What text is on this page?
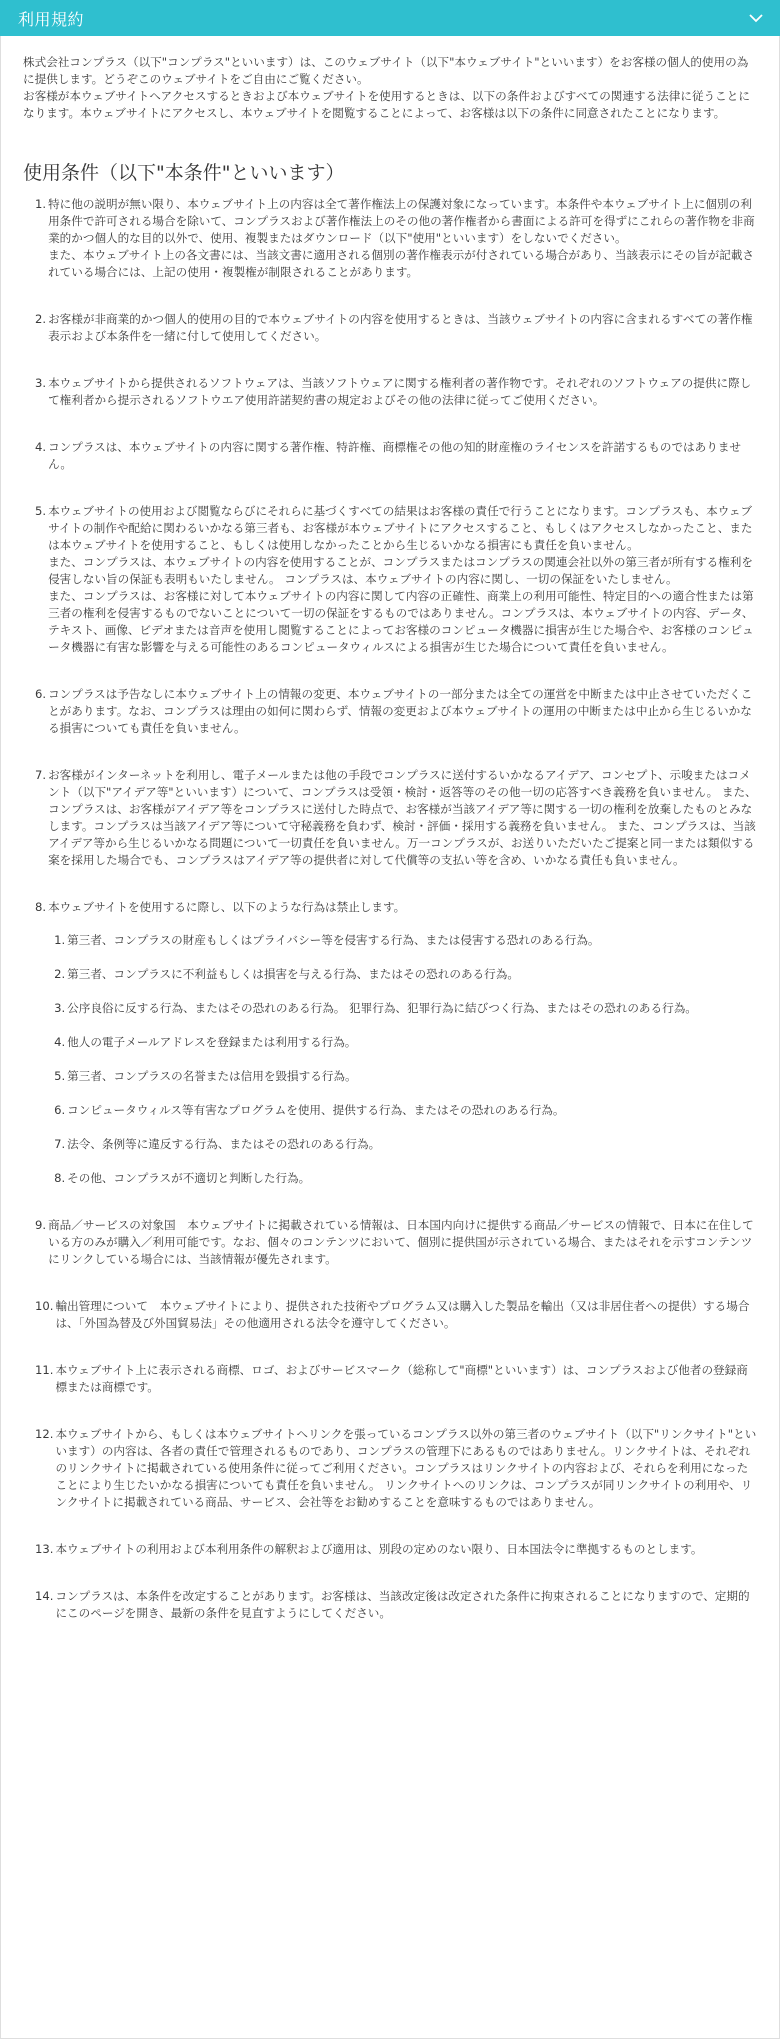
利用規約

株式会社コンプラス（以下"コンプラス"といいます）は、このウェブサイト（以下"本ウェブサイト"といいます）をお客様の個人的使用の為に提供します。どうぞこのウェブサイトをご自由にご覧ください。

お客様が本ウェブサイトへアクセスするときおよび本ウェブサイトを使用するときは、以下の条件およびすべての関連する法律に従うことになります。本ウェブサイトにアクセスし、本ウェブサイトを閲覧することによって、お客様は以下の条件に同意されたことになります。

使用条件（以下"本条件"といいます）
1. 特に他の説明が無い限り、本ウェブサイト上の内容は全て著作権法上の保護対象になっています。本条件や本ウェブサイト上に個別の利用条件で許可される場合を除いて、コンプラスおよび著作権法上のその他の著作権者から書面による許可を得ずにこれらの著作物を非商業的かつ個人的な目的以外で、使用、複製またはダウンロード（以下"使用"といいます）をしないでください。

また、本ウェブサイト上の各文書には、当該文書に適用される個別の著作権表示が付されている場合があり、当該表示にその旨が記載されている場合には、上記の使用・複製権が制限されることがあります。

2. お客様が非商業的かつ個人的使用の目的で本ウェブサイトの内容を使用するときは、当該ウェブサイトの内容に含まれるすべての著作権表示および本条件を一緒に付して使用してください。

3. 本ウェブサイトから提供されるソフトウェアは、当該ソフトウェアに関する権利者の著作物です。それぞれのソフトウェアの提供に際して権利者から提示されるソフトウエア使用許諾契約書の規定およびその他の法律に従ってご使用ください。

4. コンプラスは、本ウェブサイトの内容に関する著作権、特許権、商標権その他の知的財産権のライセンスを許諾するものではありません。

5. 本ウェブサイトの使用および閲覧ならびにそれらに基づくすべての結果はお客様の責任で行うことになります。コンプラスも、本ウェブサイトの制作や配給に関わるいかなる第三者も、お客様が本ウェブサイトにアクセスすること、もしくはアクセスしなかったこと、または本ウェブサイトを使用すること、もしくは使用しなかったことから生じるいかなる損害にも責任を負いません。

また、コンプラスは、本ウェブサイトの内容を使用することが、コンプラスまたはコンプラスの関連会社以外の第三者が所有する権利を侵害しない旨の保証も表明もいたしません。 コンプラスは、本ウェブサイトの内容に関し、一切の保証をいたしません。

また、コンプラスは、お客様に対して本ウェブサイトの内容に関して内容の正確性、商業上の利用可能性、特定目的への適合性または第三者の権利を侵害するものでないことについて一切の保証をするものではありません。コンプラスは、本ウェブサイトの内容、データ、テキスト、画像、ビデオまたは音声を使用し閲覧することによってお客様のコンピュータ機器に損害が生じた場合や、お客様のコンピュータ機器に有害な影響を与える可能性のあるコンピュータウィルスによる損害が生じた場合について責任を負いません。

6. コンプラスは予告なしに本ウェブサイト上の情報の変更、本ウェブサイトの一部分または全ての運営を中断または中止させていただくことがあります。なお、コンプラスは理由の如何に関わらず、情報の変更および本ウェブサイトの運用の中断または中止から生じるいかなる損害についても責任を負いません。

7. お客様がインターネットを利用し、電子メールまたは他の手段でコンプラスに送付するいかなるアイデア、コンセプト、示唆またはコメント（以下"アイデア等"といいます）について、コンプラスは受領・検討・返答等のその他一切の応答すべき義務を負いません。 また、コンプラスは、お客様がアイデア等をコンプラスに送付した時点で、お客様が当該アイデア等に関する一切の権利を放棄したものとみなします。コンプラスは当該アイデア等について守秘義務を負わず、検討・評価・採用する義務を負いません。 また、コンプラスは、当該アイデア等から生じるいかなる問題について一切責任を負いません。万一コンプラスが、お送りいただいたご提案と同一または類似する案を採用した場合でも、コンプラスはアイデア等の提供者に対して代償等の支払い等を含め、いかなる責任も負いません。

8. 本ウェブサイトを使用するに際し、以下のような行為は禁止します。

1. 第三者、コンプラスの財産もしくはプライバシー等を侵害する行為、または侵害する恐れのある行為。
2. 第三者、コンプラスに不利益もしくは損害を与える行為、またはその恐れのある行為。
3. 公序良俗に反する行為、またはその恐れのある行為。 犯罪行為、犯罪行為に結びつく行為、またはその恐れのある行為。
4. 他人の電子メールアドレスを登録または利用する行為。
5. 第三者、コンプラスの名誉または信用を毀損する行為。
6. コンピュータウィルス等有害なプログラムを使用、提供する行為、またはその恐れのある行為。
7. 法令、条例等に違反する行為、またはその恐れのある行為。
8. その他、コンプラスが不適切と判断した行為。
9. 商品／サービスの対象国　本ウェブサイトに掲載されている情報は、日本国内向けに提供する商品／サービスの情報で、日本に在住している方のみが購入／利用可能です。なお、個々のコンテンツにおいて、個別に提供国が示されている場合、またはそれを示すコンテンツにリンクしている場合には、当該情報が優先されます。

10. 輸出管理について　本ウェブサイトにより、提供された技術やプログラム又は購入した製品を輸出（又は非居住者への提供）する場合は、「外国為替及び外国貿易法」その他適用される法令を遵守してください。

11. 本ウェブサイト上に表示される商標、ロゴ、およびサービスマーク（総称して"商標"といいます）は、コンプラスおよび他者の登録商標または商標です。

12. 本ウェブサイトから、もしくは本ウェブサイトへリンクを張っているコンプラス以外の第三者のウェブサイト（以下"リンクサイト"といいます）の内容は、各者の責任で管理されるものであり、コンプラスの管理下にあるものではありません。リンクサイトは、それぞれのリンクサイトに掲載されている使用条件に従ってご利用ください。コンプラスはリンクサイトの内容および、それらを利用になったことにより生じたいかなる損害についても責任を負いません。 リンクサイトへのリンクは、コンプラスが同リンクサイトの利用や、リンクサイトに掲載されている商品、サービス、会社等をお勧めすることを意味するものではありません。

13. 本ウェブサイトの利用および本利用条件の解釈および適用は、別段の定めのない限り、日本国法令に準拠するものとします。

14. コンプラスは、本条件を改定することがあります。お客様は、当該改定後は改定された条件に拘束されることになりますので、定期的にこのページを開き、最新の条件を見直すようにしてください。
